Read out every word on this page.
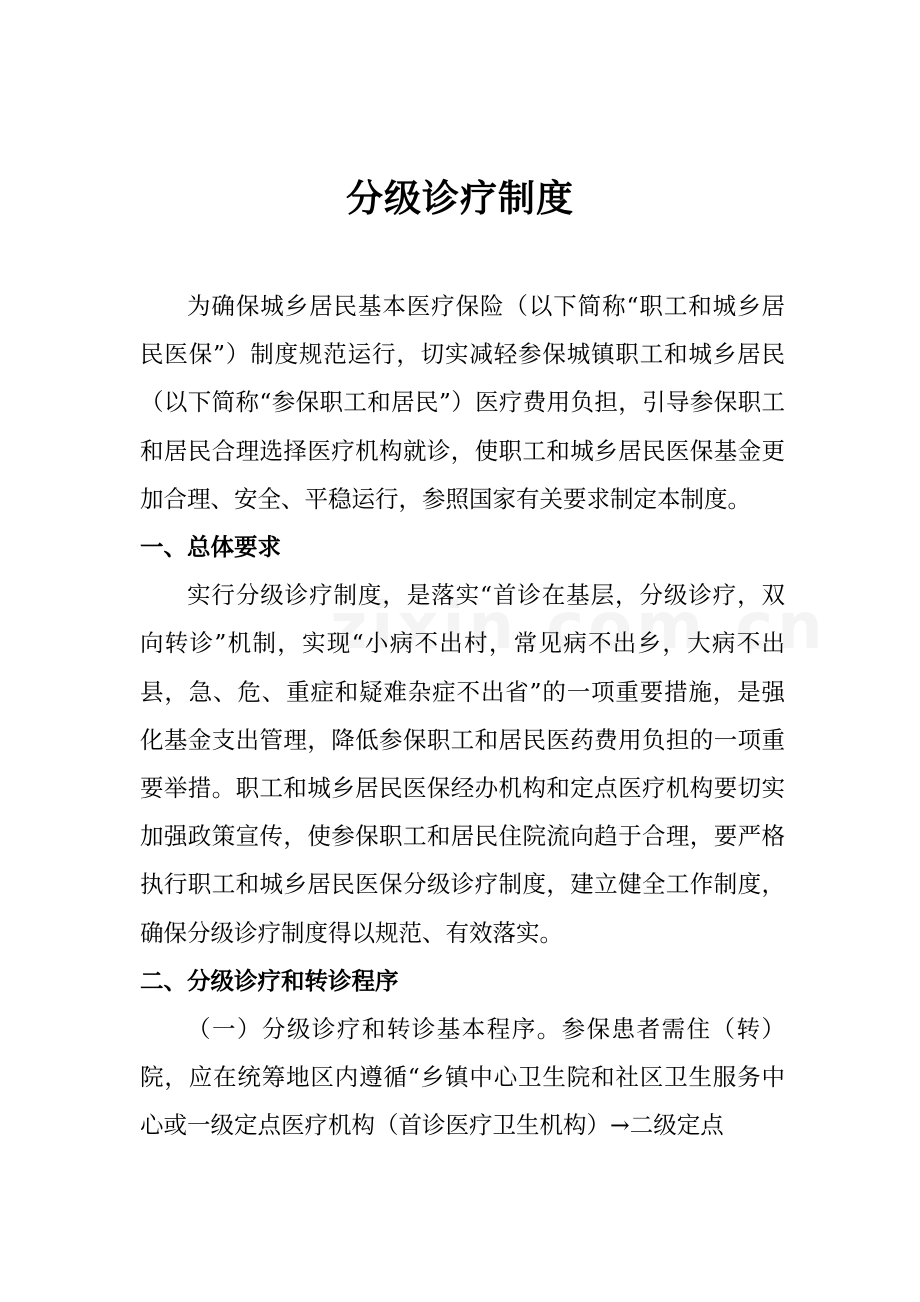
分级诊疗制度

为确保城乡居民基本医疗保险（以下简称“职工和城乡居民医保”）制度规范运行，切实减轻参保城镇职工和城乡居民（以下简称“参保职工和居民”）医疗费用负担，引导参保职工和居民合理选择医疗机构就诊，使职工和城乡居民医保基金更加合理、安全、平稳运行，参照国家有关要求制定本制度。

一、总体要求

实行分级诊疗制度，是落实“首诊在基层，分级诊疗，双向转诊”机制，实现“小病不出村，常见病不出乡，大病不出县，急、危、重症和疑难杂症不出省”的一项重要措施，是强化基金支出管理，降低参保职工和居民医药费用负担的一项重要举措。职工和城乡居民医保经办机构和定点医疗机构要切实加强政策宣传，使参保职工和居民住院流向趋于合理，要严格执行职工和城乡居民医保分级诊疗制度，建立健全工作制度，确保分级诊疗制度得以规范、有效落实。

二、分级诊疗和转诊程序

（一）分级诊疗和转诊基本程序。参保患者需住（转）院，应在统筹地区内遵循“乡镇中心卫生院和社区卫生服务中心或一级定点医疗机构（首诊医疗卫生机构）→二级定点
